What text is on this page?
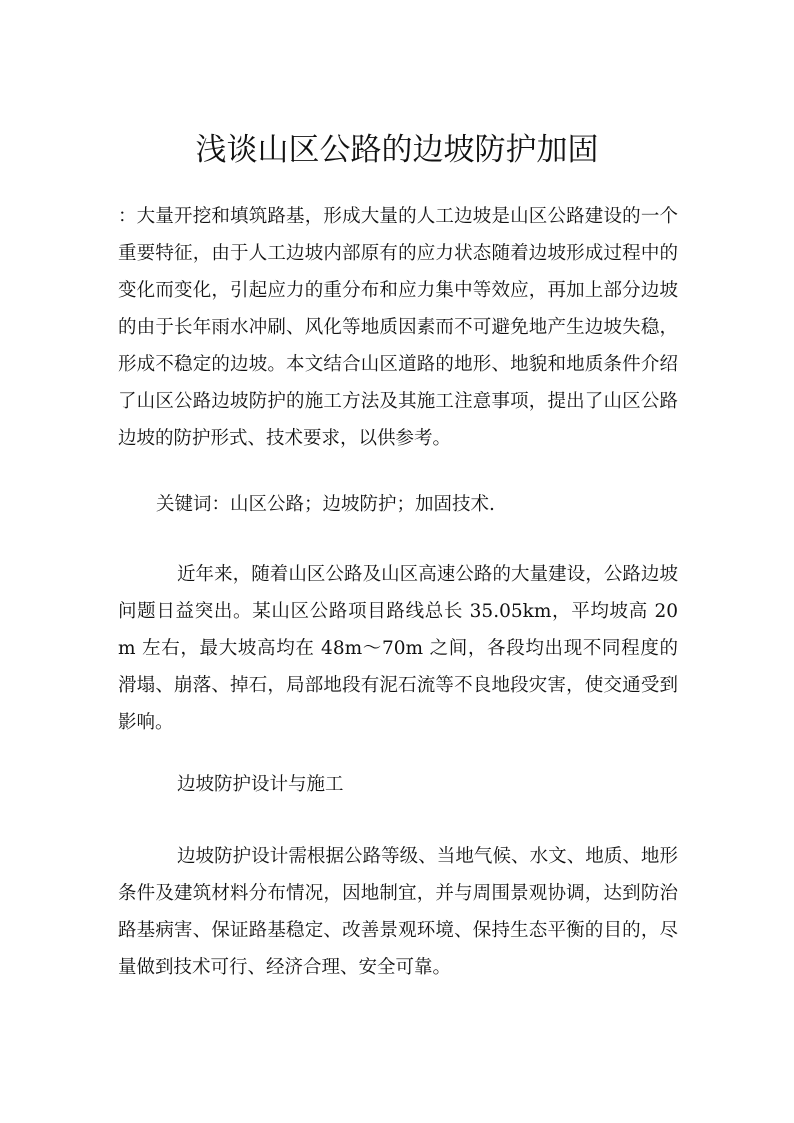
浅谈山区公路的边坡防护加固

：大量开挖和填筑路基，形成大量的人工边坡是山区公路建设的一个重要特征，由于人工边坡内部原有的应力状态随着边坡形成过程中的变化而变化，引起应力的重分布和应力集中等效应，再加上部分边坡的由于长年雨水冲刷、风化等地质因素而不可避免地产生边坡失稳，形成不稳定的边坡。本文结合山区道路的地形、地貌和地质条件介绍了山区公路边坡防护的施工方法及其施工注意事项，提出了山区公路边坡的防护形式、技术要求，以供参考。

关键词：山区公路；边坡防护；加固技术.

近年来，随着山区公路及山区高速公路的大量建设，公路边坡问题日益突出。某山区公路项目路线总长 35.05km，平均坡高 20m 左右，最大坡高均在 48m～70m 之间，各段均出现不同程度的滑塌、崩落、掉石，局部地段有泥石流等不良地段灾害，使交通受到影响。

边坡防护设计与施工

边坡防护设计需根据公路等级、当地气候、水文、地质、地形条件及建筑材料分布情况，因地制宜，并与周围景观协调，达到防治路基病害、保证路基稳定、改善景观环境、保持生态平衡的目的，尽量做到技术可行、经济合理、安全可靠。
